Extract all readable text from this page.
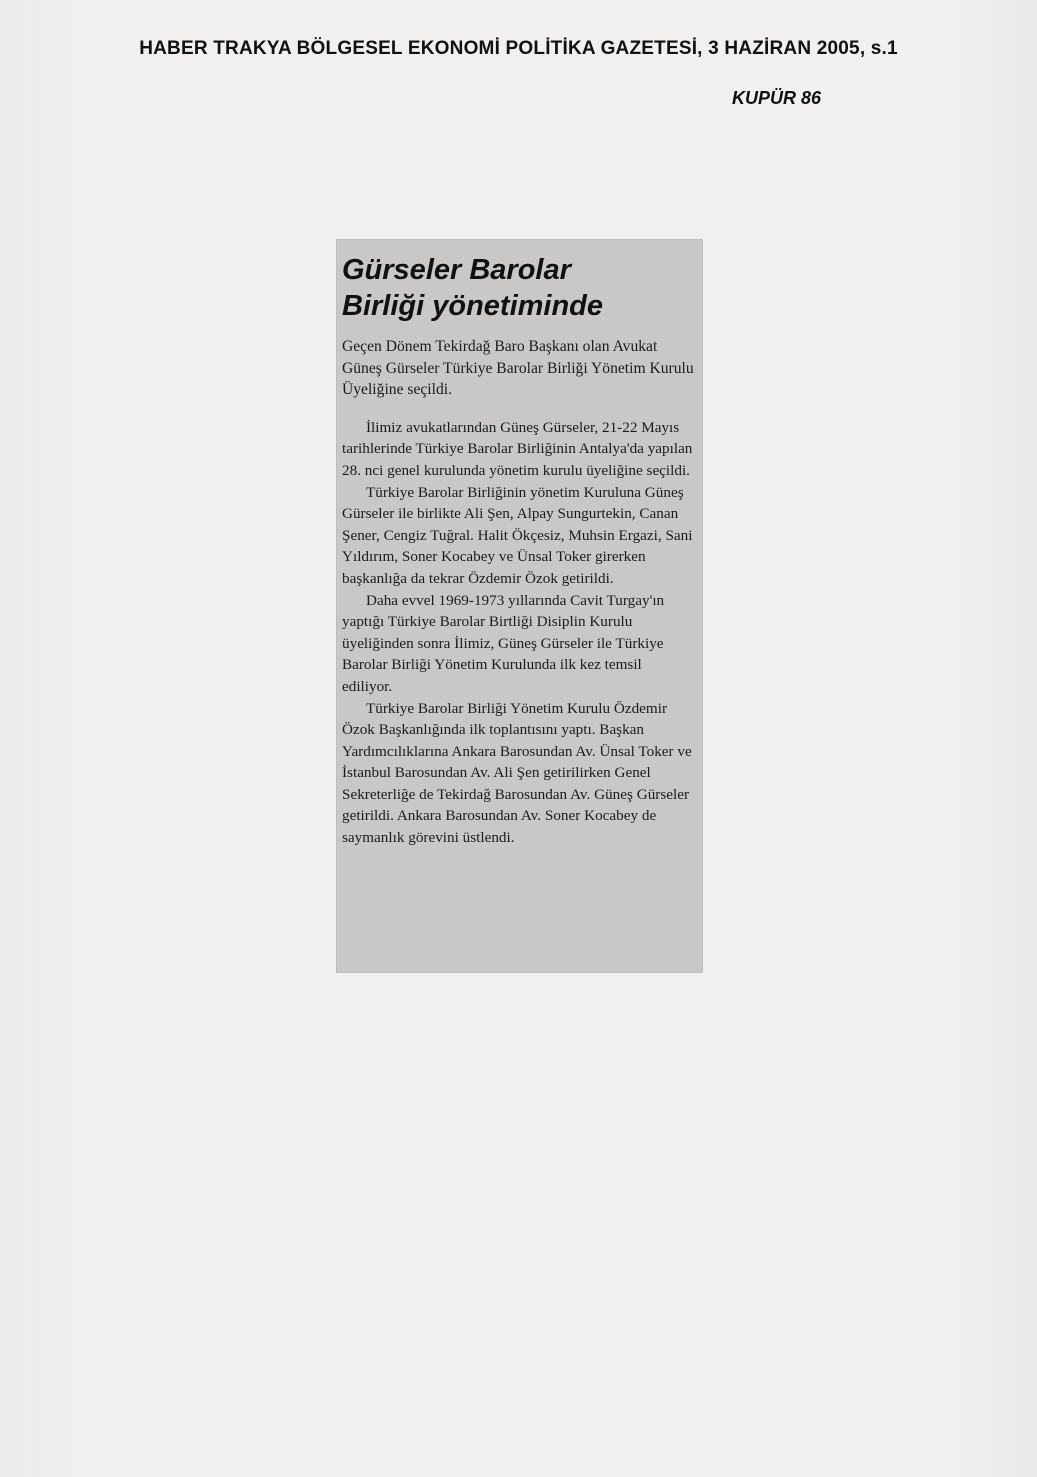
HABER TRAKYA BÖLGESEL EKONOMİ POLİTİKA GAZETESİ, 3 HAZİRAN 2005, s.1
KUPÜR 86
Gürseler Barolar
Birliği yönetiminde

Geçen Dönem Tekirdağ Baro Başkanı olan Avukat Güneş Gürseler Türkiye Barolar Birliği Yönetim Kurulu Üyeliğine seçildi.

İlimiz avukatlarından Güneş Gürseler, 21-22 Mayıs tarihlerinde Türkiye Barolar Birliğinin Antalya'da yapılan 28. nci genel kurulunda yönetim kurulu üyeliğine seçildi.

Türkiye Barolar Birliğinin yönetim Kuruluna Güneş Gürseler ile birlikte Ali Şen, Alpay Sungurtekin, Canan Şener, Cengiz Tuğral. Halit Ökçesiz, Muhsin Ergazi, Sani Yıldırım, Soner Kocabey ve Ünsal Toker girerken başkanlığa da tekrar Özdemir Özok getirildi.

Daha evvel 1969-1973 yıllarında Cavit Turgay'ın yaptığı Türkiye Barolar Birtliği Disiplin Kurulu üyeliğinden sonra İlimiz, Güneş Gürseler ile Türkiye Barolar Birliği Yönetim Kurulunda ilk kez temsil ediliyor.

Türkiye Barolar Birliği Yönetim Kurulu Özdemir Özok Başkanlığında ilk toplantısını yaptı. Başkan Yardımcılıklarına Ankara Barosundan Av. Ünsal Toker ve İstanbul Barosundan Av. Ali Şen getirilirken Genel Sekreterliğe de Tekirdağ Barosundan Av. Güneş Gürseler getirildi. Ankara Barosundan Av. Soner Kocabey de saymanlık görevini üstlendi.
